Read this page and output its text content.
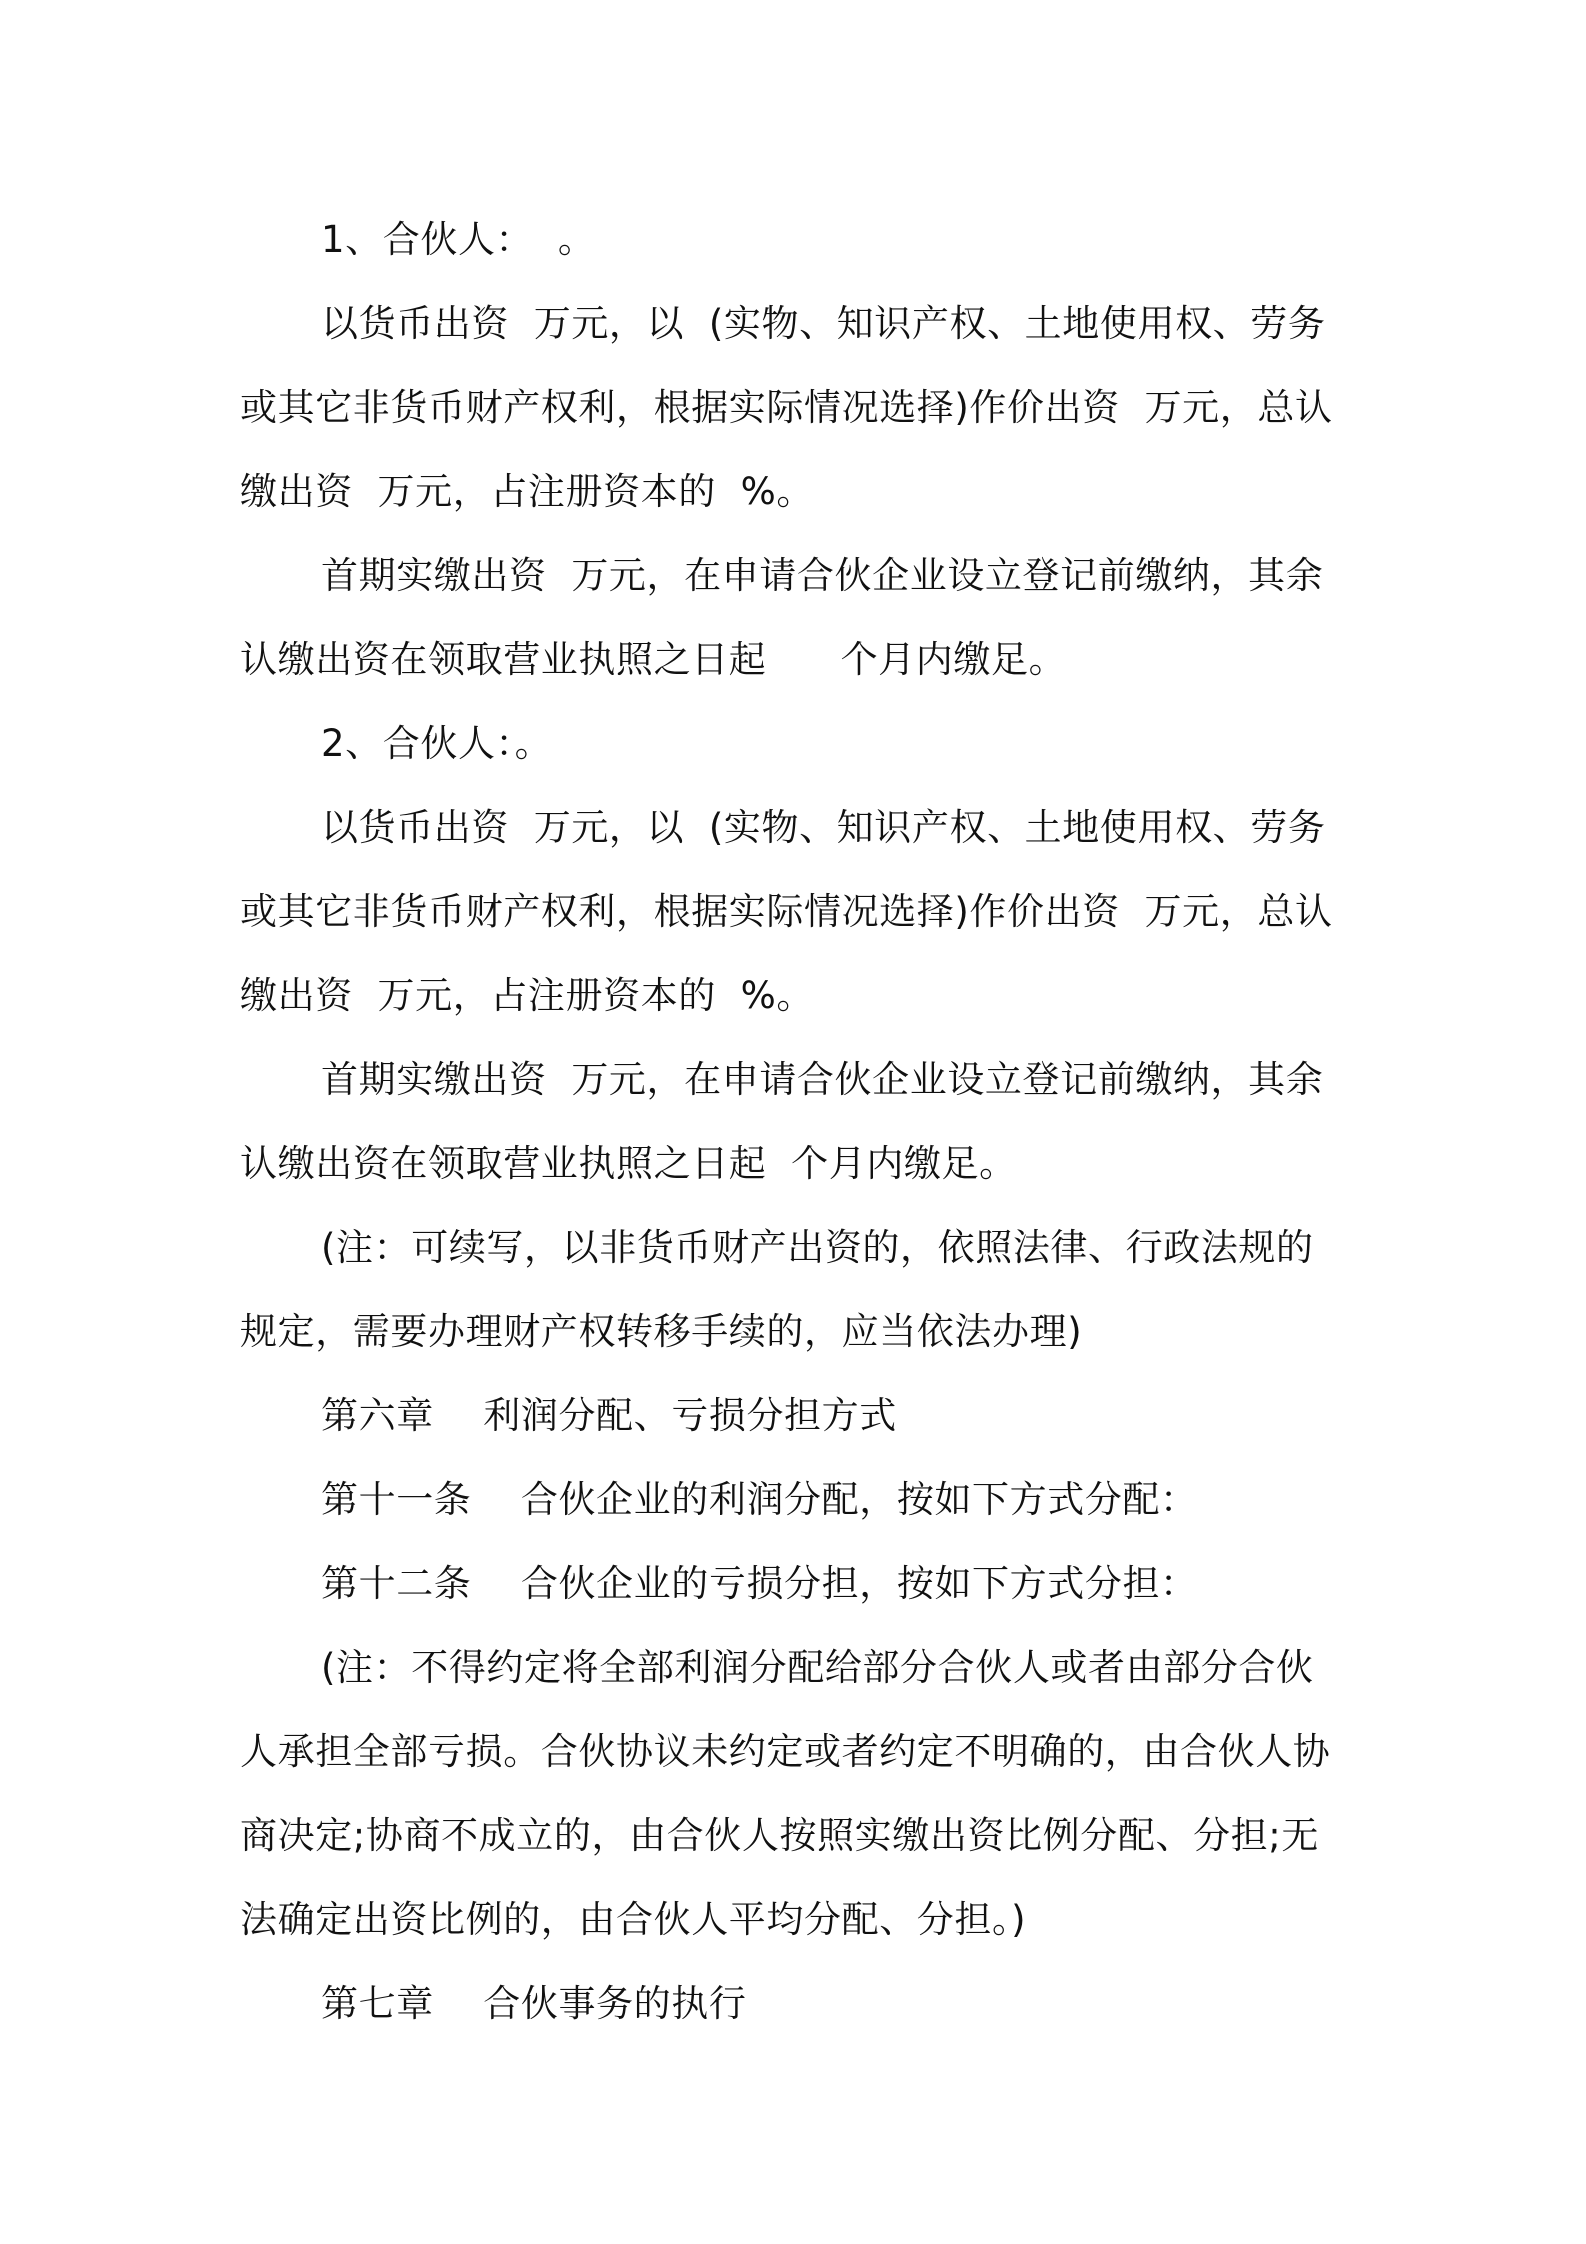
1、合伙人：  。

以货币出资  万元，以  (实物、知识产权、土地使用权、劳务或其它非货币财产权利，根据实际情况选择)作价出资  万元，总认缴出资  万元，占注册资本的  %。

首期实缴出资  万元，在申请合伙企业设立登记前缴纳，其余认缴出资在领取营业执照之日起      个月内缴足。

2、合伙人：。

以货币出资  万元，以  (实物、知识产权、土地使用权、劳务或其它非货币财产权利，根据实际情况选择)作价出资  万元，总认缴出资  万元，占注册资本的  %。

首期实缴出资  万元，在申请合伙企业设立登记前缴纳，其余认缴出资在领取营业执照之日起  个月内缴足。

(注：可续写，以非货币财产出资的，依照法律、行政法规的规定，需要办理财产权转移手续的，应当依法办理)

第六章    利润分配、亏损分担方式

第十一条    合伙企业的利润分配，按如下方式分配：

第十二条    合伙企业的亏损分担，按如下方式分担：

(注：不得约定将全部利润分配给部分合伙人或者由部分合伙人承担全部亏损。合伙协议未约定或者约定不明确的，由合伙人协商决定;协商不成立的，由合伙人按照实缴出资比例分配、分担;无法确定出资比例的，由合伙人平均分配、分担。)

第七章    合伙事务的执行
